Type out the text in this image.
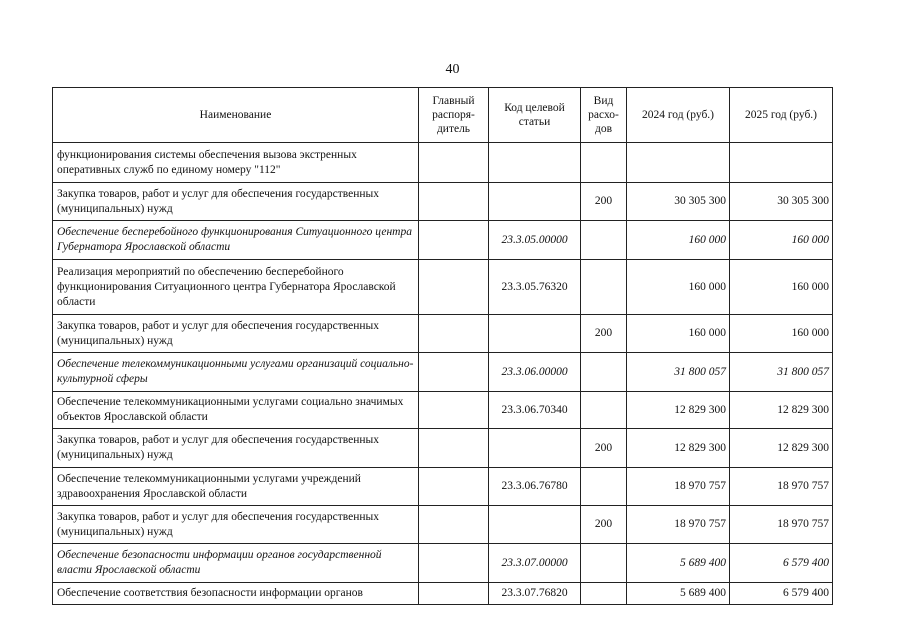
40
Наименование	Главный распоря-дитель	Код целевой статьи	Вид расхо-дов	2024 год (руб.)	2025 год (руб.)
функционирования системы обеспечения вызова экстренных оперативных служб по единому номеру "112"					
Закупка товаров, работ и услуг для обеспечения государственных (муниципальных) нужд			200	30 305 300	30 305 300
Обеспечение бесперебойного функционирования Ситуационного центра Губернатора Ярославской области		23.3.05.00000		160 000	160 000
Реализация мероприятий по обеспечению бесперебойного функционирования Ситуационного центра Губернатора Ярославской области		23.3.05.76320		160 000	160 000
Закупка товаров, работ и услуг для обеспечения государственных (муниципальных) нужд			200	160 000	160 000
Обеспечение телекоммуникационными услугами организаций социально-культурной сферы		23.3.06.00000		31 800 057	31 800 057
Обеспечение телекоммуникационными услугами социально значимых объектов Ярославской области		23.3.06.70340		12 829 300	12 829 300
Закупка товаров, работ и услуг для обеспечения государственных (муниципальных) нужд			200	12 829 300	12 829 300
Обеспечение телекоммуникационными услугами учреждений здравоохранения Ярославской области		23.3.06.76780		18 970 757	18 970 757
Закупка товаров, работ и услуг для обеспечения государственных (муниципальных) нужд			200	18 970 757	18 970 757
Обеспечение безопасности информации органов государственной власти Ярославской области		23.3.07.00000		5 689 400	6 579 400
Обеспечение соответствия безопасности информации органов		23.3.07.76820		5 689 400	6 579 400
